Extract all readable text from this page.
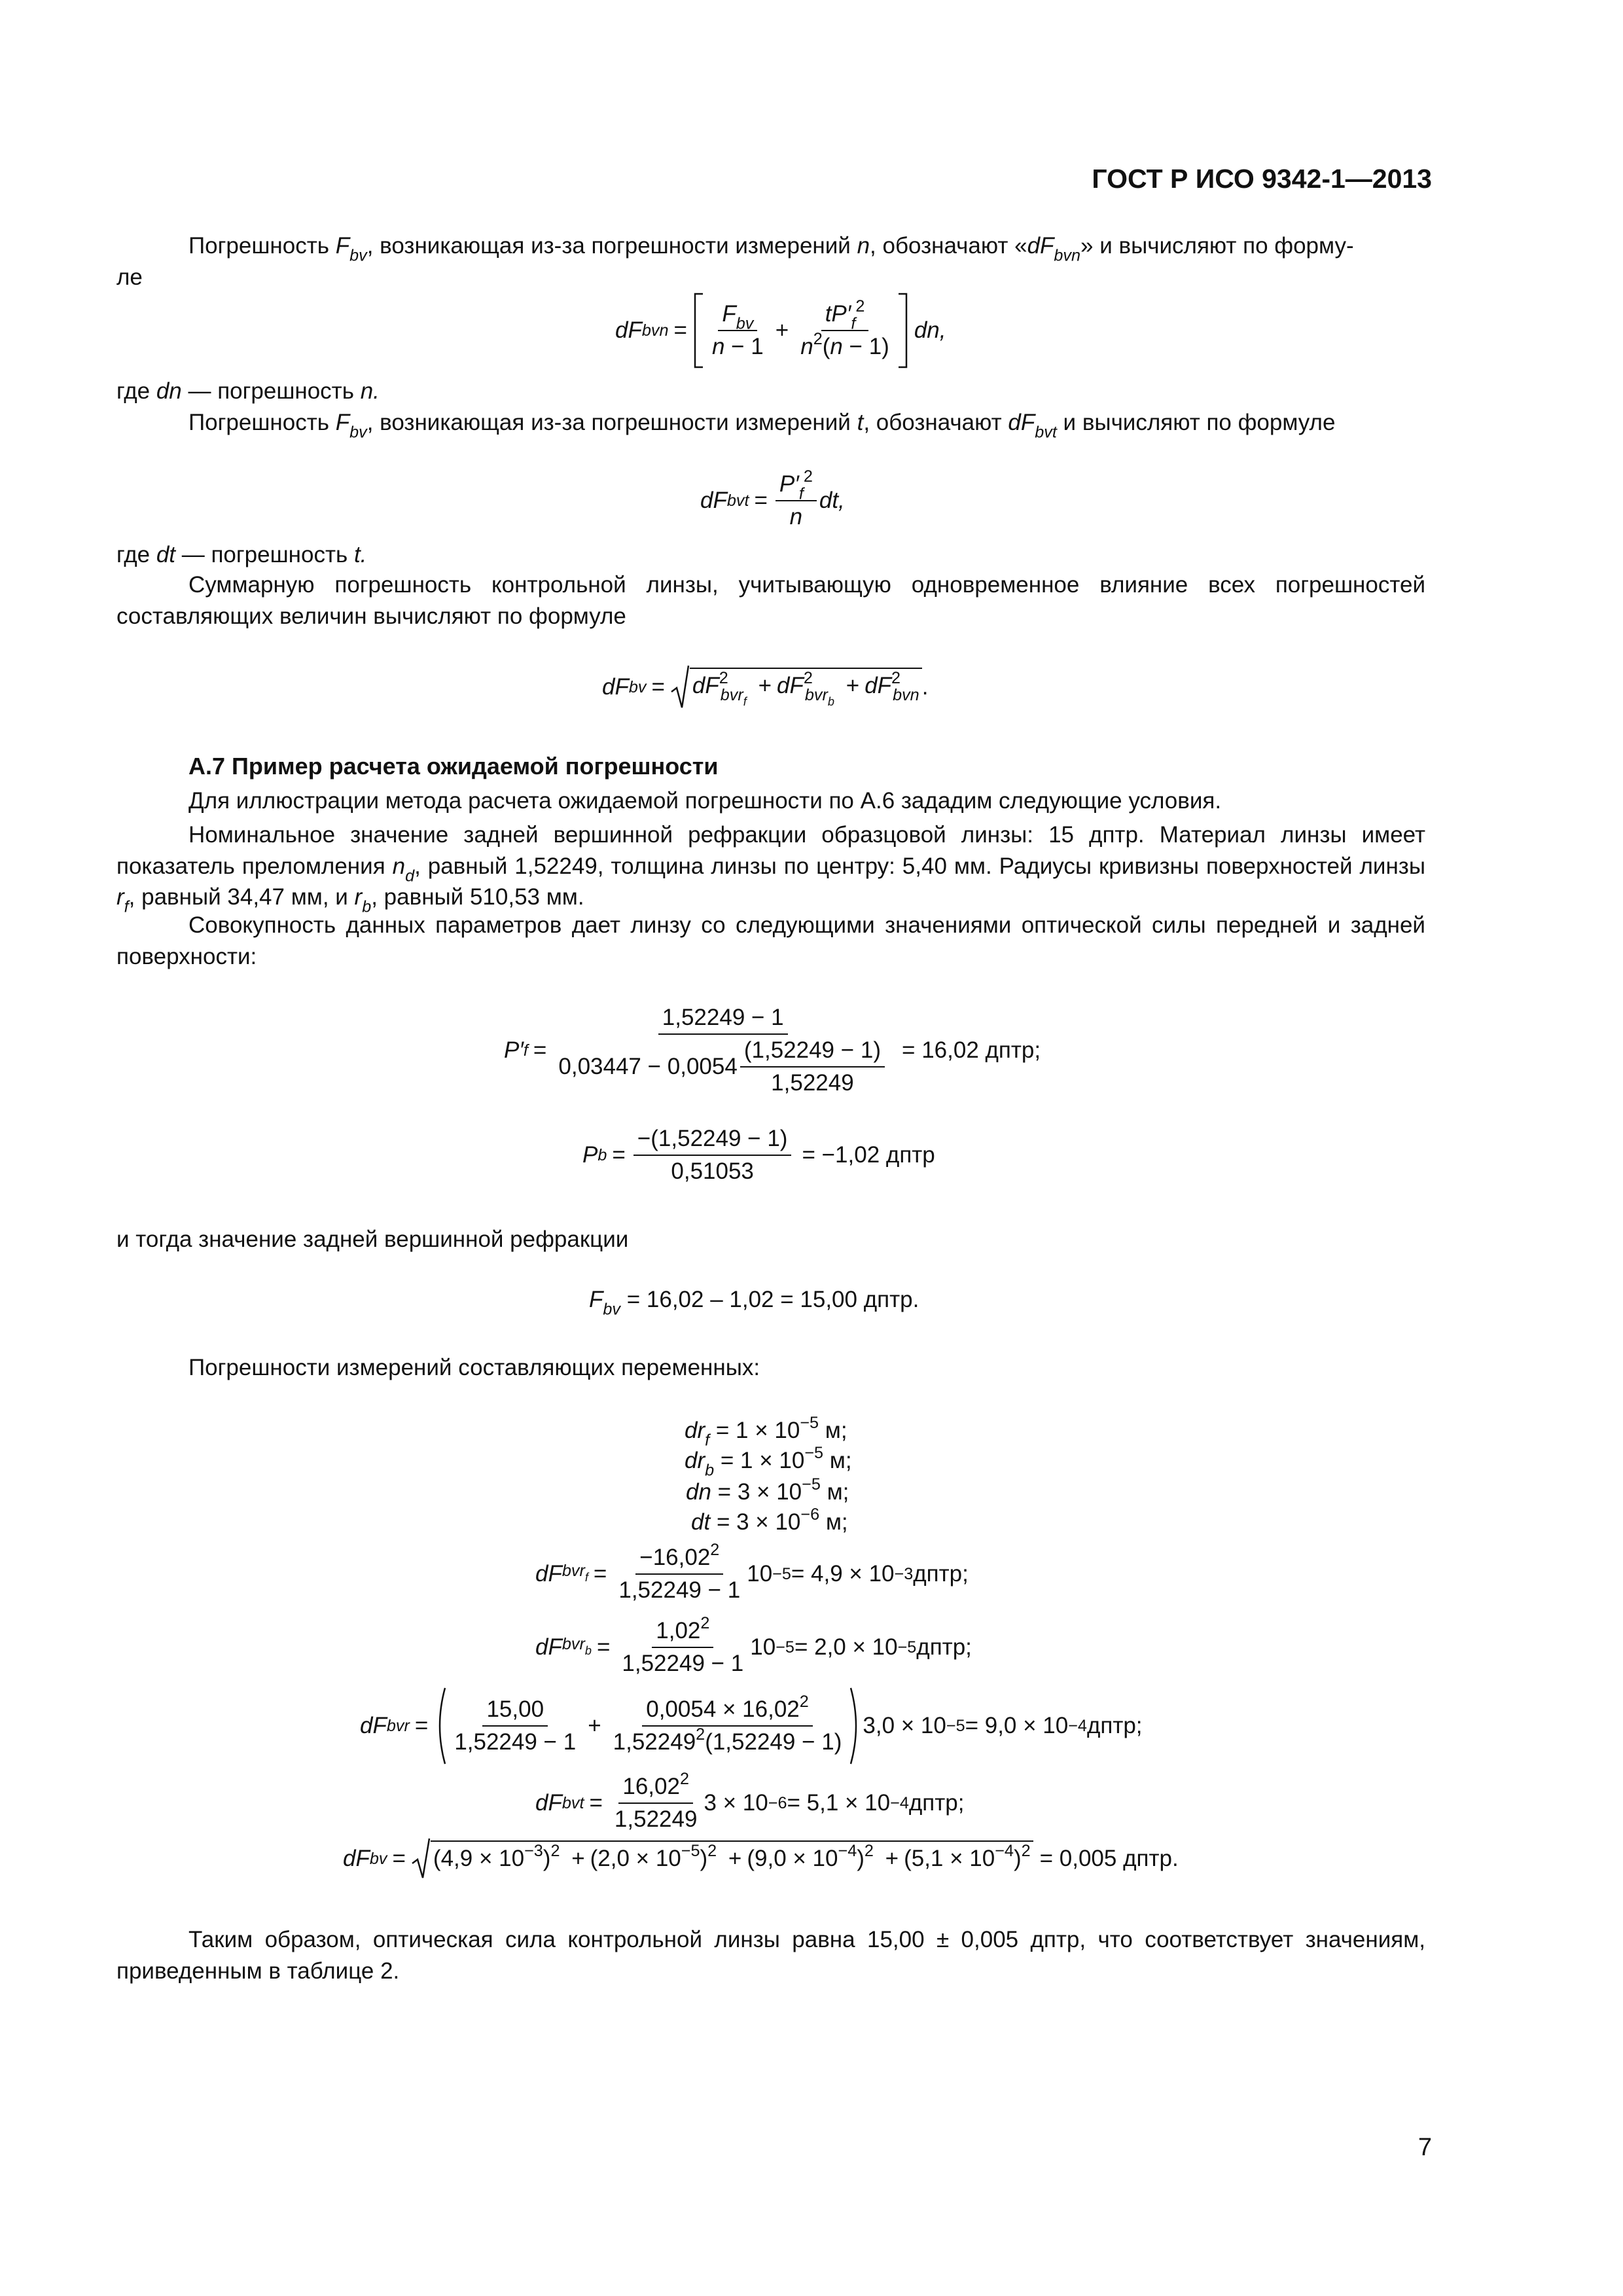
ГОСТ Р ИСО 9342-1—2013
Погрешность $F_{bv}$, возникающая из-за погрешности измерений n, обозначают «$dF_{bvn}$» и вычисляют по форму-
ле
dF bvn = $\frac{F_{bv}}{n - 1} + \frac{tP'_f^2}{n^2(n - 1)}$ dn,
где dn — погрешность n.
Погрешность $F_{bv}$, возникающая из-за погрешности измерений t, обозначают $dF_{bvt}$ и вычисляют по формуле
dF bvt = $\frac{P'_f^2}{n}$ dt,
где dt — погрешность t.
Суммарную погрешность контрольной линзы, учитывающую одновременное влияние всех погрешностей составляющих величин вычисляют по формуле
dF bv = $dF^2_{bvr_f} + dF^2_{bvr_b} + dF^2_{bvn}$ .
А.7 Пример расчета ожидаемой погрешности
Для иллюстрации метода расчета ожидаемой погрешности по А.6 зададим следующие условия.
Номинальное значение задней вершинной рефракции образцовой линзы: 15 дптр. Материал линзы имеет показатель преломления $n_d$, равный 1,52249, толщина линзы по центру: 5,40 мм. Радиусы кривизны поверхностей линзы $r_f$, равный 34,47 мм, и $r_b$, равный 510,53 мм.
Совокупность данных параметров дает линзу со следующими значениями оптической силы передней и задней поверхности:
P ′ $f = \frac{1,52249 - 1}{0,03447 - 0,0054 \frac{(1,52249 - 1)}{1,52249}} = 16,02$ дптр;
P $b = \frac{-(1,52249 - 1)}{0,51053} = -1,02$ дптр
и тогда значение задней вершинной рефракции
$F_{bv} = 16,02 - 1,02 = 15,00$ дптр.
Погрешности измерений составляющих переменных:
$dr_f = 1 \times 10^{-5}$ м;
$dr_b = 1 \times 10^{-5}$ м;
dn = $3 \times 10^{-5}$ м;
dt = $3 \times 10^{-6}$ м;
dF $bvr_f = \frac{-16,02^2}{1,52249 - 1} 10 -5 = 4,9 \times 10 -3$ дптр;
dF $bvr_b = \frac{1,02^2}{1,52249 - 1} 10 -5 = 2,0 \times 10 -5$ дптр;
dF bvr = $\frac{15,00}{1,52249 - 1} + \frac{0,0054 \times 16,02^2}{1,52249^2(1,52249 - 1)} 3,0 \times 10 -5 = 9,0 \times 10 -4$ дптр;
dF bvt = $\frac{16,02^2}{1,52249} 3 \times 10 -6 = 5,1 \times 10 -4$ дптр;
dF bv = $(4,9 \times 10^{-3})^2 + (2,0 \times 10^{-5})^2 + (9,0 \times 10^{-4})^2 + (5,1 \times 10^{-4})^2 = 0,005$ дптр.
Таким образом, оптическая сила контрольной линзы равна 15,00 ± 0,005 дптр, что соответствует значениям, приведенным в таблице 2.
7
